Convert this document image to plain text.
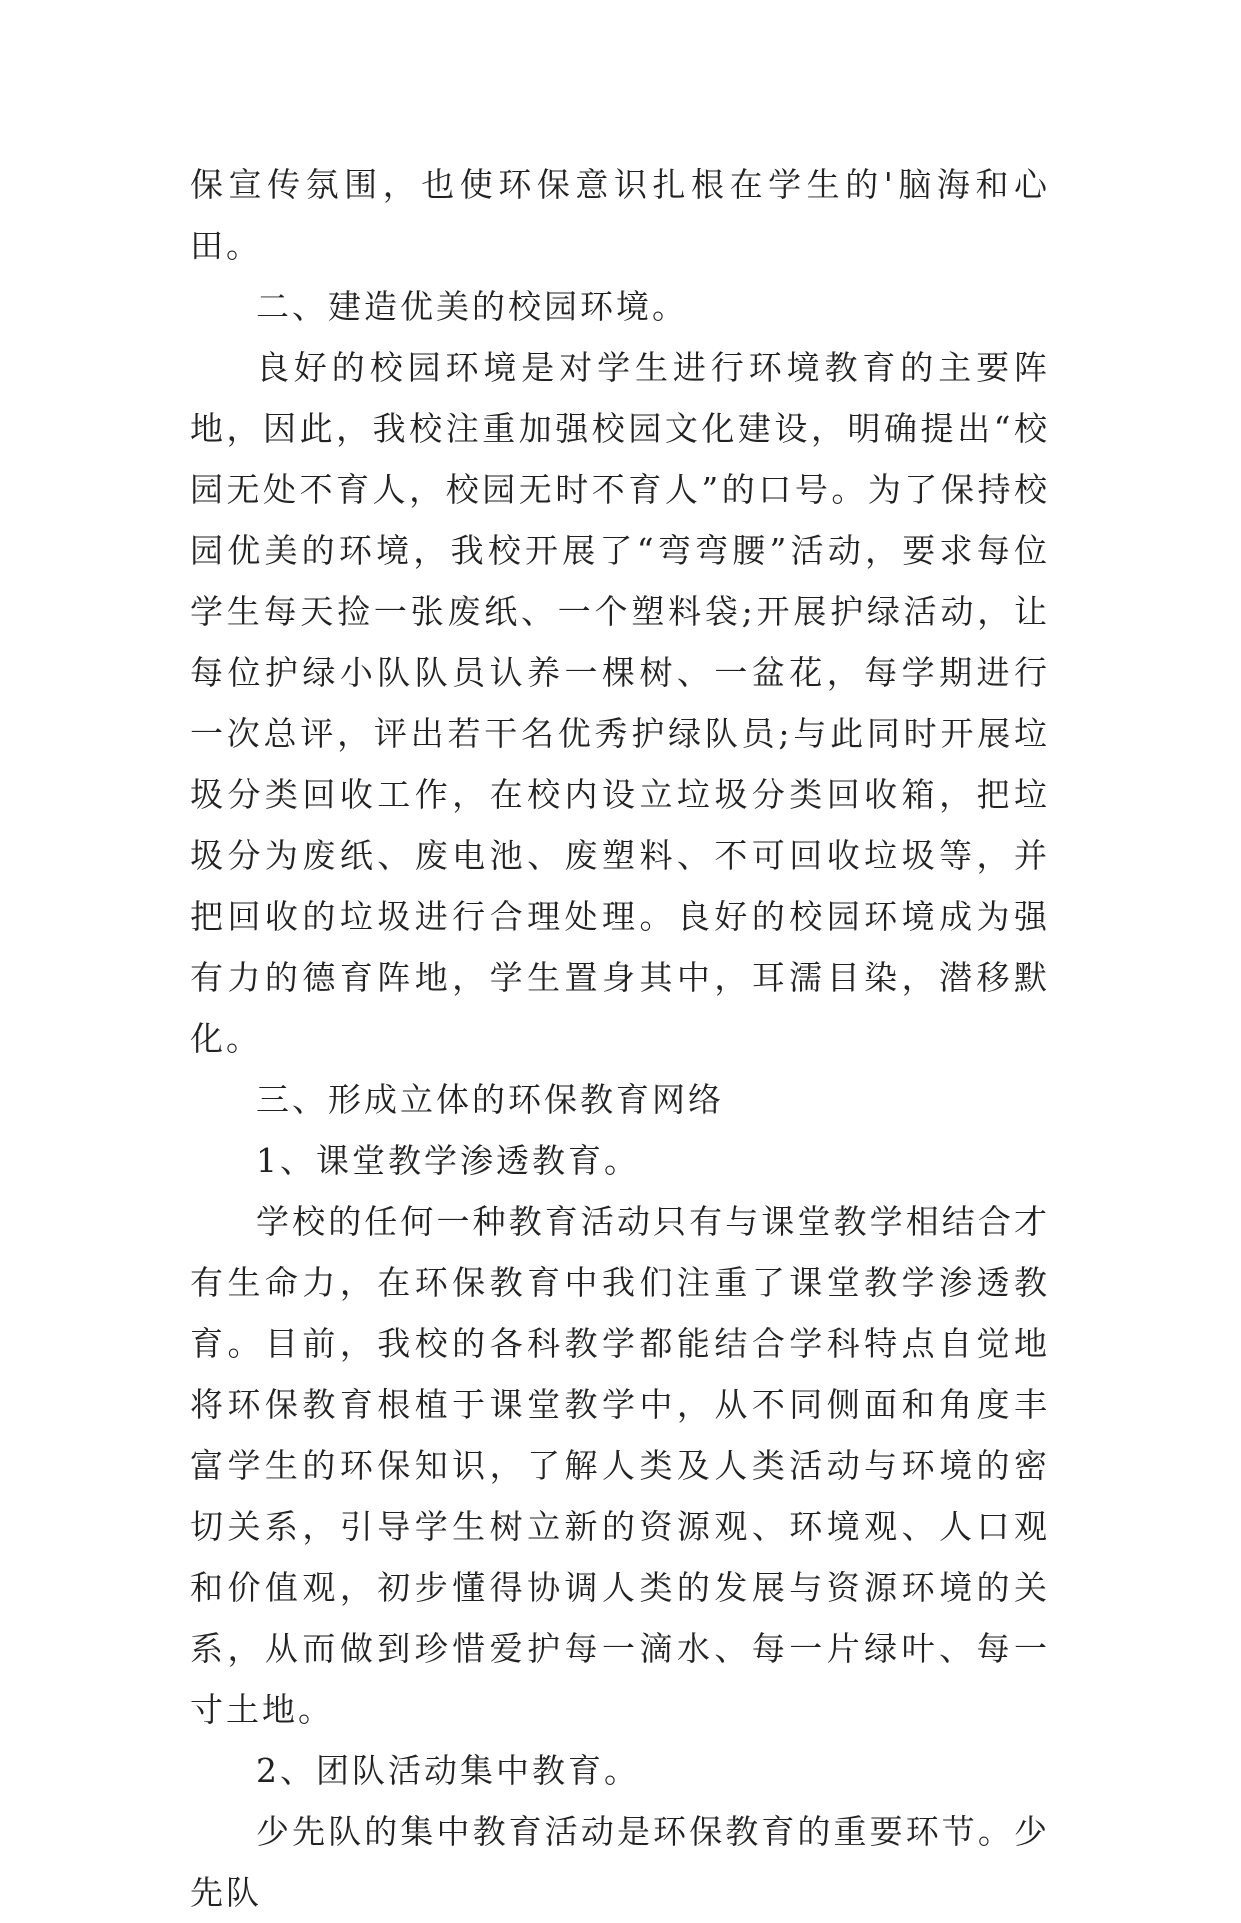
保宣传氛围，也使环保意识扎根在学生的'脑海和心田。

二、建造优美的校园环境。

良好的校园环境是对学生进行环境教育的主要阵地，因此，我校注重加强校园文化建设，明确提出“校园无处不育人，校园无时不育人”的口号。为了保持校园优美的环境，我校开展了“弯弯腰”活动，要求每位学生每天捡一张废纸、一个塑料袋;开展护绿活动，让每位护绿小队队员认养一棵树、一盆花，每学期进行一次总评，评出若干名优秀护绿队员;与此同时开展垃圾分类回收工作，在校内设立垃圾分类回收箱，把垃圾分为废纸、废电池、废塑料、不可回收垃圾等，并把回收的垃圾进行合理处理。良好的校园环境成为强有力的德育阵地，学生置身其中，耳濡目染，潜移默化。

三、形成立体的环保教育网络

1、课堂教学渗透教育。

学校的任何一种教育活动只有与课堂教学相结合才有生命力，在环保教育中我们注重了课堂教学渗透教育。目前，我校的各科教学都能结合学科特点自觉地将环保教育根植于课堂教学中，从不同侧面和角度丰富学生的环保知识，了解人类及人类活动与环境的密切关系，引导学生树立新的资源观、环境观、人口观和价值观，初步懂得协调人类的发展与资源环境的关系，从而做到珍惜爱护每一滴水、每一片绿叶、每一寸土地。

2、团队活动集中教育。

少先队的集中教育活动是环保教育的重要环节。少先队
